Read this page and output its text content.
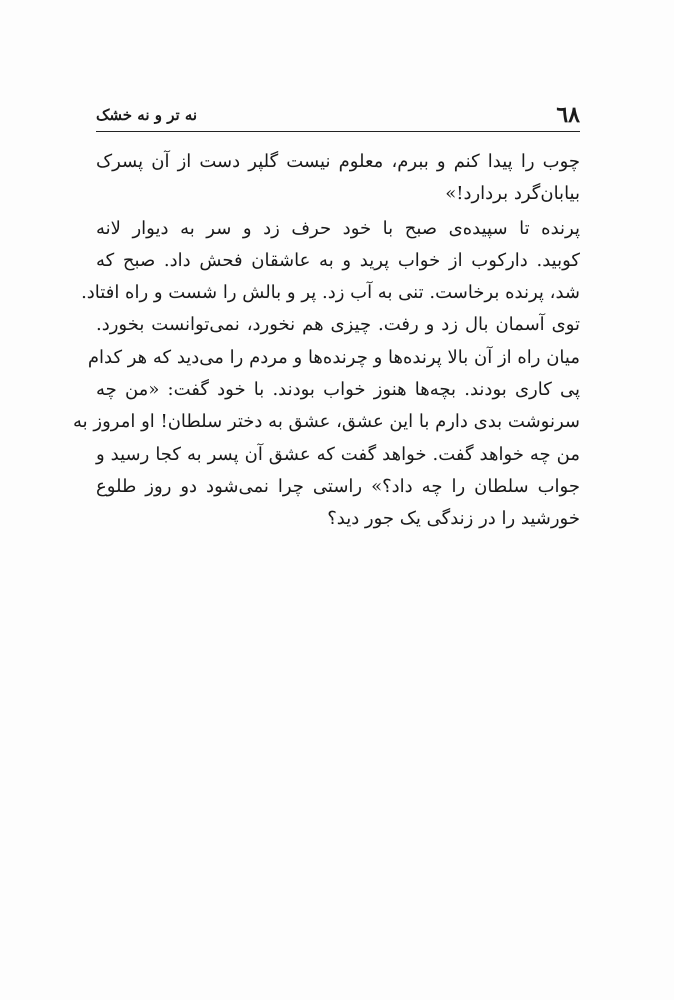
٦٨
نه تر و نه خشک
چوب را پیدا کنم و ببرم، معلوم نیست گلپر دست از آن پسرک
بیابان‌گرد بردارد!»
پرنده تا سپیده‌ی صبح با خود حرف زد و سر به دیوار لانه
کوبید. دارکوب از خواب پرید و به عاشقان فحش داد. صبح که
شد، پرنده برخاست. تنی به آب زد. پر و بالش را شست و راه افتاد.
توی آسمان بال زد و رفت. چیزی هم نخورد، نمی‌توانست بخورد.
میان راه از آن بالا پرنده‌ها و چرنده‌ها و مردم را می‌دید که هر کدام
پی کاری بودند. بچه‌ها هنوز خواب بودند. با خود گفت: «من چه
سرنوشت بدی دارم با این عشق، عشق به دختر سلطان! او امروز به
من چه خواهد گفت. خواهد گفت که عشق آن پسر به کجا رسید و
جواب سلطان را چه داد؟» راستی چرا نمی‌شود دو روز طلوع
خورشید را در زندگی یک جور دید؟
